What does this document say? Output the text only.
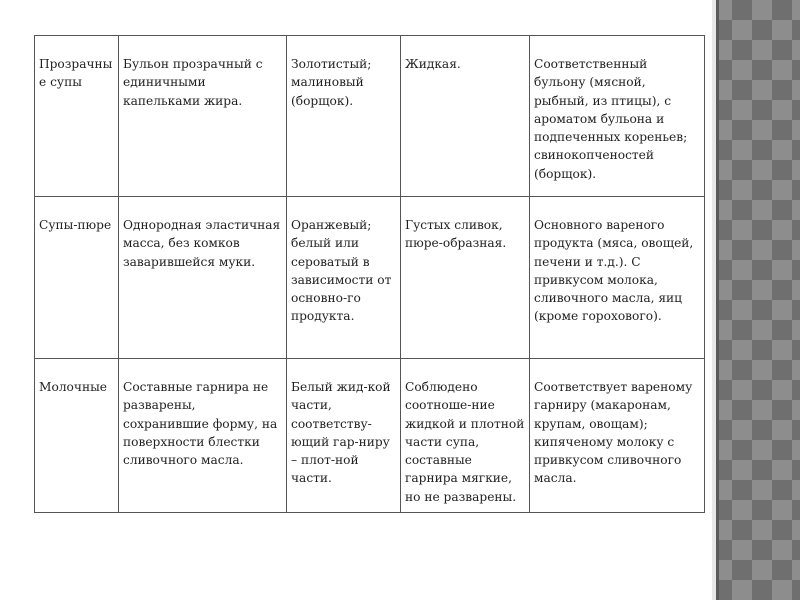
Прозрачные супы	Бульон прозрачный с единичными капельками жира.	Золотистый; малиновый (борщок).	Жидкая.	Соответственный бульону (мясной, рыбный, из птицы), с ароматом бульона и подпеченных кореньев; свинокопченостей (борщок).
Супы-пюре	Однородная эластичная масса, без комков заварившейся муки.	Оранжевый; белый или сероватый в зависимости от основно-го продукта.	Густых сливок, пюре-образная.	Основного вареного продукта (мяса, овощей, печени и т.д.). С привкусом молока, сливочного масла, яиц (кроме горохового).
Молочные	Составные гарнира не разварены, сохранившие форму, на поверхности блестки сливочного масла.	Белый жид-кой части, соответству-ющий гар-ниру – плот-ной части.	Соблюдено соотноше-ние жидкой и плотной части супа, составные гарнира мягкие, но не разварены.	Соответствует вареному гарниру (макаронам, крупам, овощам); кипяченому молоку с привкусом сливочного масла.
